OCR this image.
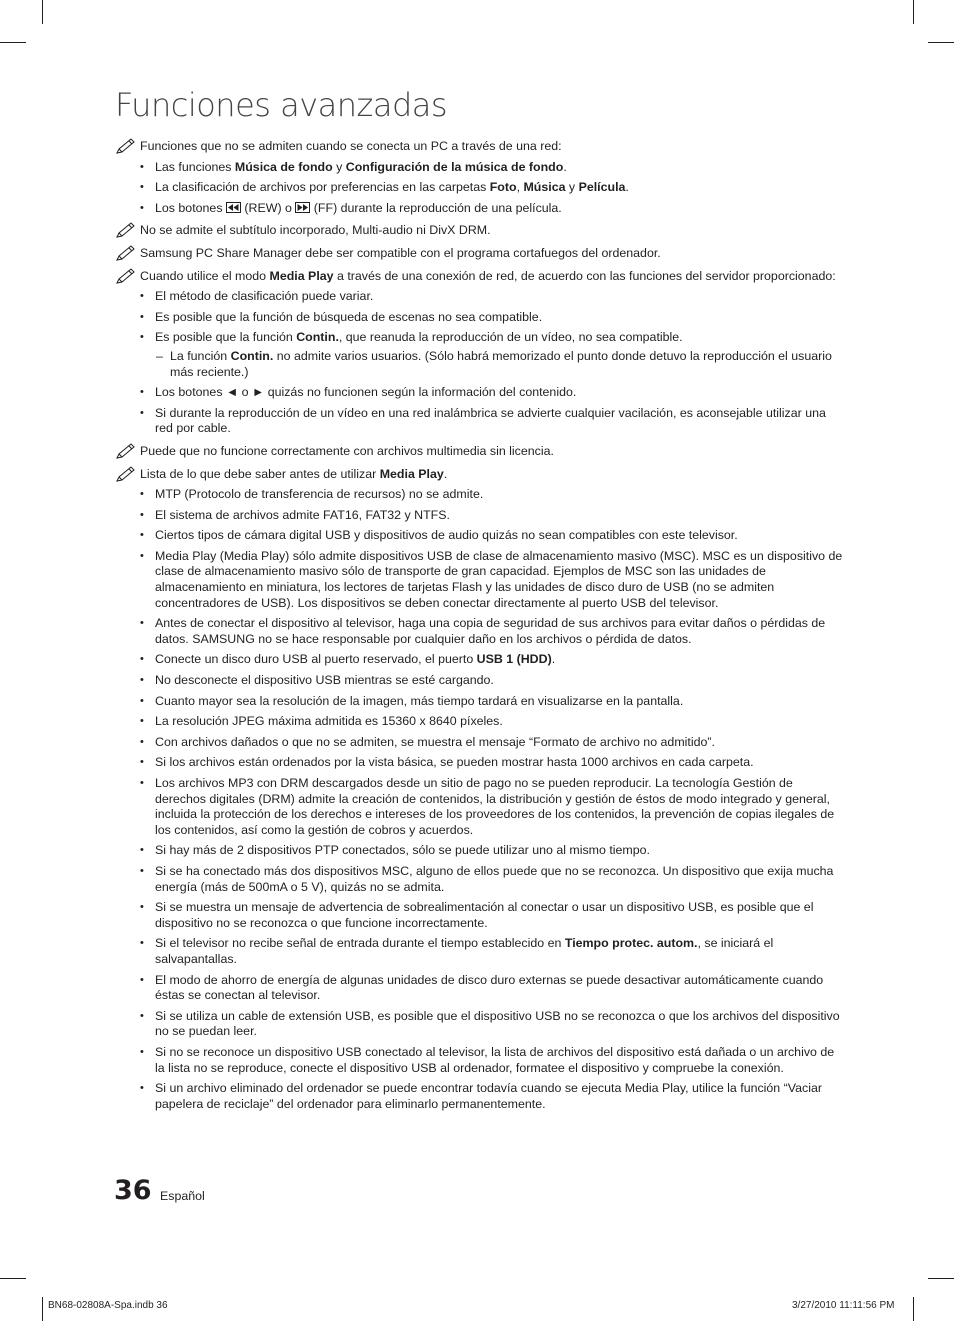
Funciones avanzadas
Funciones que no se admiten cuando se conecta un PC a través de una red:
• Las funciones Música de fondo y Configuración de la música de fondo.
• La clasificación de archivos por preferencias en las carpetas Foto, Música y Película.
• Los botones
(REW) o
(FF) durante la reproducción de una película.
No se admite el subtítulo incorporado, Multi-audio ni DivX DRM.
Samsung PC Share Manager debe ser compatible con el programa cortafuegos del ordenador.
Cuando utilice el modo Media Play a través de una conexión de red, de acuerdo con las funciones del servidor proporcionado:
• El método de clasificación puede variar.
• Es posible que la función de búsqueda de escenas no sea compatible.
• Es posible que la función Contin., que reanuda la reproducción de un vídeo, no sea compatible.
– La función Contin. no admite varios usuarios. (Sólo habrá memorizado el punto donde detuvo la reproducción el usuario más reciente.)
• Los botones ◄ o ► quizás no funcionen según la información del contenido.
• Si durante la reproducción de un vídeo en una red inalámbrica se advierte cualquier vacilación, es aconsejable utilizar una red por cable.
Puede que no funcione correctamente con archivos multimedia sin licencia.
Lista de lo que debe saber antes de utilizar Media Play.
• MTP (Protocolo de transferencia de recursos) no se admite.
• El sistema de archivos admite FAT16, FAT32 y NTFS.
• Ciertos tipos de cámara digital USB y dispositivos de audio quizás no sean compatibles con este televisor.
• Media Play (Media Play) sólo admite dispositivos USB de clase de almacenamiento masivo (MSC). MSC es un dispositivo de clase de almacenamiento masivo sólo de transporte de gran capacidad. Ejemplos de MSC son las unidades de almacenamiento en miniatura, los lectores de tarjetas Flash y las unidades de disco duro de USB (no se admiten concentradores de USB). Los dispositivos se deben conectar directamente al puerto USB del televisor.
• Antes de conectar el dispositivo al televisor, haga una copia de seguridad de sus archivos para evitar daños o pérdidas de datos. SAMSUNG no se hace responsable por cualquier daño en los archivos o pérdida de datos.
• Conecte un disco duro USB al puerto reservado, el puerto USB 1 (HDD).
• No desconecte el dispositivo USB mientras se esté cargando.
• Cuanto mayor sea la resolución de la imagen, más tiempo tardará en visualizarse en la pantalla.
• La resolución JPEG máxima admitida es 15360 x 8640 píxeles.
• Con archivos dañados o que no se admiten, se muestra el mensaje “Formato de archivo no admitido”.
• Si los archivos están ordenados por la vista básica, se pueden mostrar hasta 1000 archivos en cada carpeta.
• Los archivos MP3 con DRM descargados desde un sitio de pago no se pueden reproducir. La tecnología Gestión de derechos digitales (DRM) admite la creación de contenidos, la distribución y gestión de éstos de modo integrado y general, incluida la protección de los derechos e intereses de los proveedores de los contenidos, la prevención de copias ilegales de los contenidos, así como la gestión de cobros y acuerdos.
• Si hay más de 2 dispositivos PTP conectados, sólo se puede utilizar uno al mismo tiempo.
• Si se ha conectado más dos dispositivos MSC, alguno de ellos puede que no se reconozca. Un dispositivo que exija mucha energía (más de 500mA o 5 V), quizás no se admita.
• Si se muestra un mensaje de advertencia de sobrealimentación al conectar o usar un dispositivo USB, es posible que el dispositivo no se reconozca o que funcione incorrectamente.
• Si el televisor no recibe señal de entrada durante el tiempo establecido en Tiempo protec. autom., se iniciará el salvapantallas.
• El modo de ahorro de energía de algunas unidades de disco duro externas se puede desactivar automáticamente cuando éstas se conectan al televisor.
• Si se utiliza un cable de extensión USB, es posible que el dispositivo USB no se reconozca o que los archivos del dispositivo no se puedan leer.
• Si no se reconoce un dispositivo USB conectado al televisor, la lista de archivos del dispositivo está dañada o un archivo de la lista no se reproduce, conecte el dispositivo USB al ordenador, formatee el dispositivo y compruebe la conexión.
• Si un archivo eliminado del ordenador se puede encontrar todavía cuando se ejecuta Media Play, utilice la función “Vaciar papelera de reciclaje” del ordenador para eliminarlo permanentemente.
36 Español
BN68-02808A-Spa.indb 36	3/27/2010 11:11:56 PM
